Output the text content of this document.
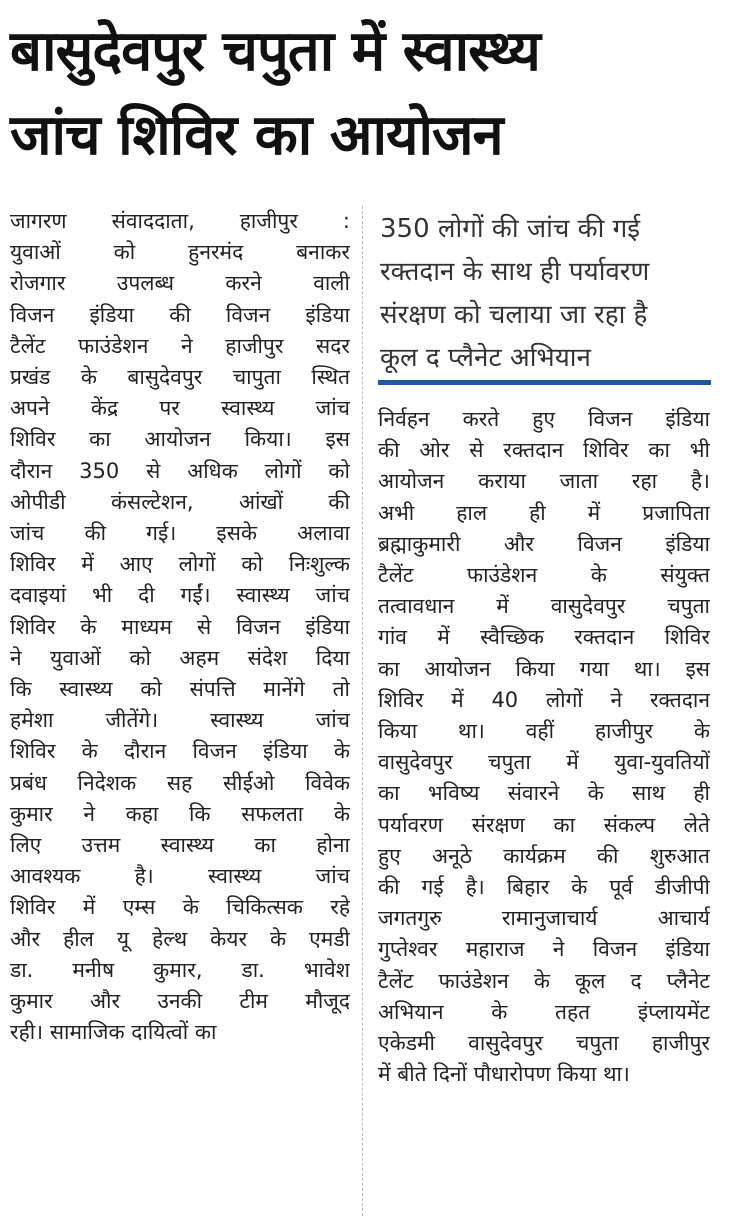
बासुदेवपुर चपुता में स्वास्थ्य
जांच शिविर का आयोजन
जागरण संवाददाता, हाजीपुर :
युवाओं को हुनरमंद बनाकर
रोजगार उपलब्ध करने वाली
विजन इंडिया की विजन इंडिया
टैलेंट फाउंडेशन ने हाजीपुर सदर
प्रखंड के बासुदेवपुर चापुता स्थित
अपने केंद्र पर स्वास्थ्य जांच
शिविर का आयोजन किया। इस
दौरान 350 से अधिक लोगों को
ओपीडी कंसल्टेशन, आंखों की
जांच की गई। इसके अलावा
शिविर में आए लोगों को निःशुल्क
दवाइयां भी दी गईं। स्वास्थ्य जांच
शिविर के माध्यम से विजन इंडिया
ने युवाओं को अहम संदेश दिया
कि स्वास्थ्य को संपत्ति मानेंगे तो
हमेशा जीतेंगे। स्वास्थ्य जांच
शिविर के दौरान विजन इंडिया के
प्रबंध निदेशक सह सीईओ विवेक
कुमार ने कहा कि सफलता के
लिए उत्तम स्वास्थ्य का होना
आवश्यक है। स्वास्थ्य जांच
शिविर में एम्स के चिकित्सक रहे
और हील यू हेल्थ केयर के एमडी
डा. मनीष कुमार, डा. भावेश
कुमार और उनकी टीम मौजूद
रही। सामाजिक दायित्वों का
350 लोगों की जांच की गई
रक्तदान के साथ ही पर्यावरण
संरक्षण को चलाया जा रहा है
कूल द प्लैनेट अभियान
निर्वहन करते हुए विजन इंडिया
की ओर से रक्तदान शिविर का भी
आयोजन कराया जाता रहा है।
अभी हाल ही में प्रजापिता
ब्रह्माकुमारी और विजन इंडिया
टैलेंट फाउंडेशन के संयुक्त
तत्वावधान में वासुदेवपुर चपुता
गांव में स्वैच्छिक रक्तदान शिविर
का आयोजन किया गया था। इस
शिविर में 40 लोगों ने रक्तदान
किया था। वहीं हाजीपुर के
वासुदेवपुर चपुता में युवा-युवतियों
का भविष्य संवारने के साथ ही
पर्यावरण संरक्षण का संकल्प लेते
हुए अनूठे कार्यक्रम की शुरुआत
की गई है। बिहार के पूर्व डीजीपी
जगतगुरु रामानुजाचार्य आचार्य
गुप्तेश्वर महाराज ने विजन इंडिया
टैलेंट फाउंडेशन के कूल द प्लैनेट
अभियान के तहत इंप्लायमेंट
एकेडमी वासुदेवपुर चपुता हाजीपुर
में बीते दिनों पौधारोपण किया था।
